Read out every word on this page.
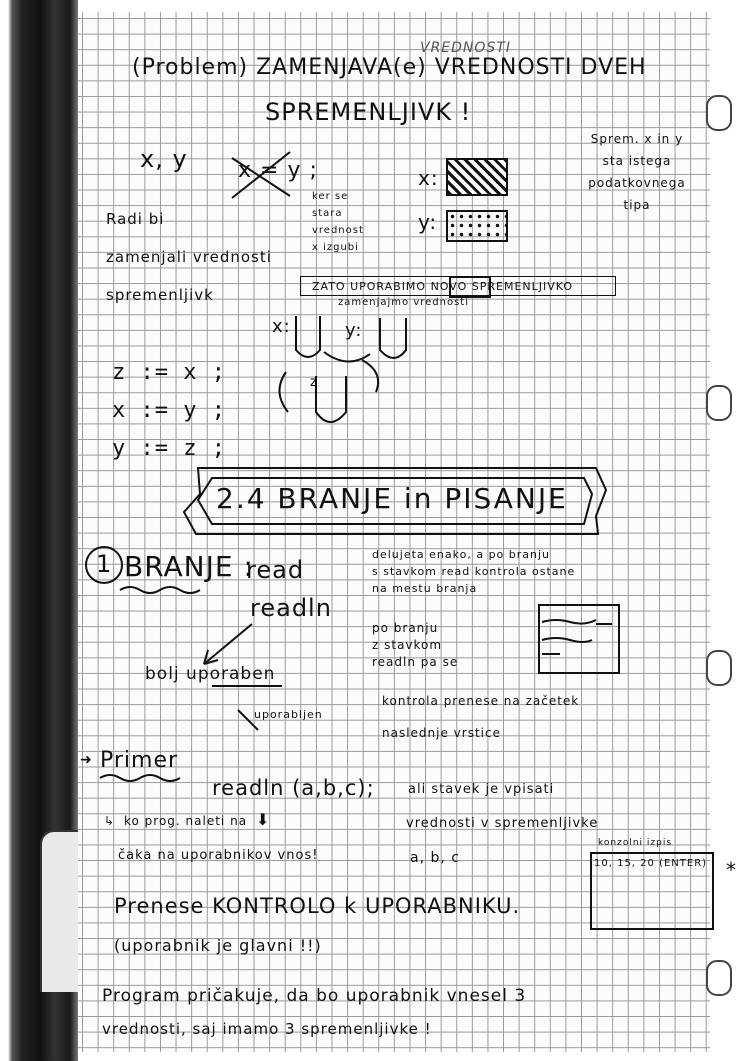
(Problem) ZAMENJAVA(e) VREDNOSTI DVEH
SPREMENLJIVK !
VREDNOSTI
x, y x = y ;
ker se
stara
vrednost
x izgubi
Radi bi
zamenjali vrednosti
spremenljivk
Sprem. x in y
sta istega
podatkovnega
tipa
x:
y:
ZATO UPORABIMO NOVO SPREMENLJIVKO
zamenjajmo vrednosti
x:	y:
z
z := x ;
x := y ;
y := z ;
2.4 BRANJE in PISANJE
1 BRANJE :
read
readln
bolj uporaben
uporabljen
delujeta enako, a po branju
s stavkom read kontrola ostane
na mestu branja
po branju
z stavkom
readln pa se
kontrola prenese na začetek
naslednje vrstice
➜ Primer
readln (a,b,c);
↳ ko prog. naleti na ⬇
čaka na uporabnikov vnos!
ali stavek je vpisati
vrednosti v spremenljivke
a, b, c
konzolni izpis
10, 15, 20 (ENTER) *
Prenese KONTROLO k UPORABNIKU.
(uporabnik je glavni !!)
Program pričakuje, da bo uporabnik vnesel 3
vrednosti, saj imamo 3 spremenljivke !
